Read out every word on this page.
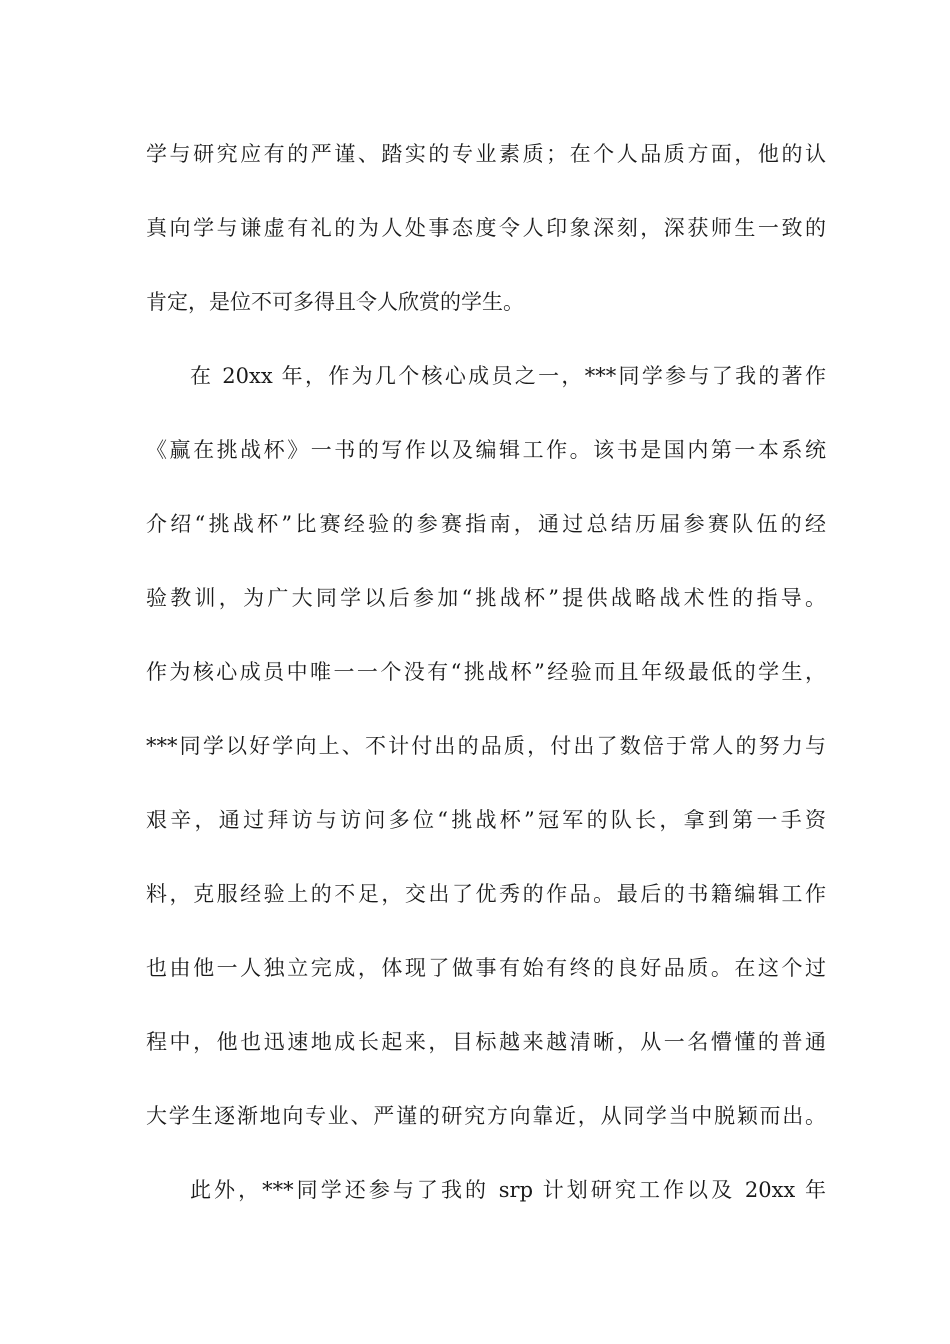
学与研究应有的严谨、踏实的专业素质；在个人品质方面，他的认
真向学与谦虚有礼的为人处事态度令人印象深刻，深获师生一致的
肯定，是位不可多得且令人欣赏的学生。
在 20xx 年，作为几个核心成员之一，***同学参与了我的著作
《赢在挑战杯》一书的写作以及编辑工作。该书是国内第一本系统
介绍“挑战杯”比赛经验的参赛指南，通过总结历届参赛队伍的经
验教训，为广大同学以后参加“挑战杯”提供战略战术性的指导。
作为核心成员中唯一一个没有“挑战杯”经验而且年级最低的学生，
***同学以好学向上、不计付出的品质，付出了数倍于常人的努力与
艰辛，通过拜访与访问多位“挑战杯”冠军的队长，拿到第一手资
料，克服经验上的不足，交出了优秀的作品。最后的书籍编辑工作
也由他一人独立完成，体现了做事有始有终的良好品质。在这个过
程中，他也迅速地成长起来，目标越来越清晰，从一名懵懂的普通
大学生逐渐地向专业、严谨的研究方向靠近，从同学当中脱颖而出。
此外，***同学还参与了我的 srp 计划研究工作以及 20xx 年
